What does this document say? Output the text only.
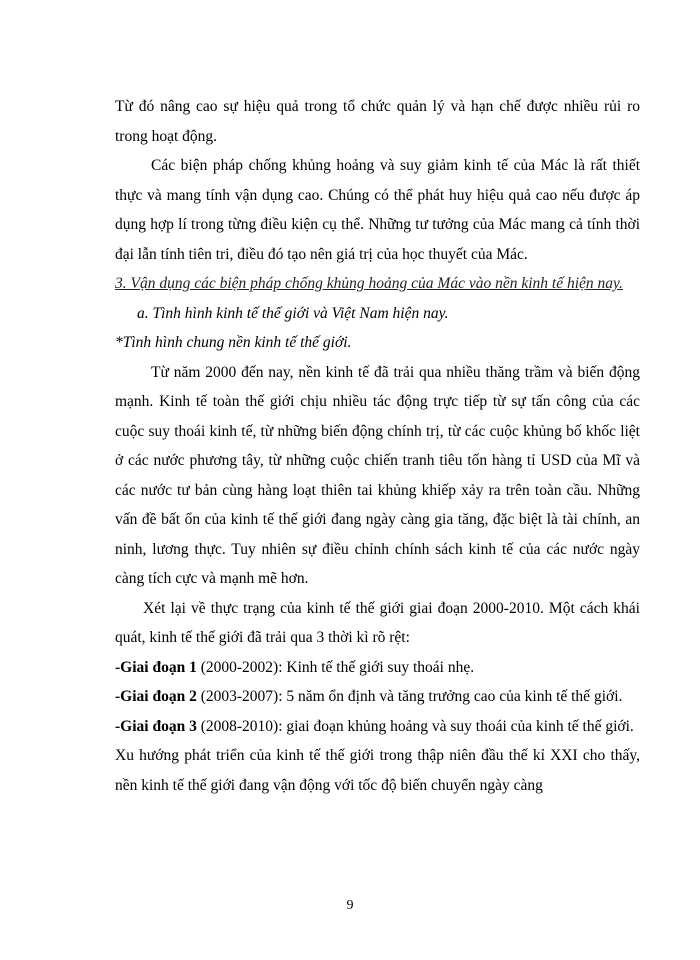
Từ đó nâng cao sự hiệu quả trong tổ chức quản lý và hạn chế được nhiều rủi ro trong hoạt động.

Các biện pháp chống khủng hoảng và suy giảm kinh tế của Mác là rất thiết thực và mang tính vận dụng cao. Chúng có thể phát huy hiệu quả cao nếu được áp dụng hợp lí trong từng điều kiện cụ thể. Những tư tưởng của Mác mang cả tính thời đại lẫn tính tiên tri, điều đó tạo nên giá trị của học thuyết của Mác.

3. Vận dụng các biện pháp chống khủng hoảng của Mác vào nền kinh tế hiện nay.

a. Tình hình kinh tế thế giới và Việt Nam hiện nay.

*Tình hình chung nền kinh tế thế giới.

Từ năm 2000 đến nay, nền kinh tế đã trải qua nhiều thăng trầm và biến động mạnh. Kinh tế toàn thế giới chịu nhiều tác động trực tiếp từ sự tấn công của các cuộc suy thoái kinh tế, từ những biến động chính trị, từ các cuộc khủng bố khốc liệt ở các nước phương tây, từ những cuộc chiến tranh tiêu tốn hàng tỉ USD của Mĩ và các nước tư bản cùng hàng loạt thiên tai khủng khiếp xảy ra trên toàn cầu. Những vấn đề bất ổn của kinh tế thế giới đang ngày càng gia tăng, đặc biệt là tài chính, an ninh, lương thực. Tuy nhiên sự điều chỉnh chính sách kinh tế của các nước ngày càng tích cực và mạnh mẽ hơn.

Xét lại về thực trạng của kinh tế thế giới giai đoạn 2000-2010. Một cách khái quát, kinh tế thế giới đã trải qua 3 thời kì rõ rệt:

-Giai đoạn 1 (2000-2002): Kinh tế thế giới suy thoái nhẹ.

-Giai đoạn 2 (2003-2007): 5 năm ổn định và tăng trưởng cao của kinh tế thế giới.

-Giai đoạn 3 (2008-2010): giai đoạn khủng hoảng và suy thoái của kinh tế thế giới.

Xu hướng phát triển của kinh tế thế giới trong thập niên đầu thế kỉ XXI cho thấy, nền kinh tế thế giới đang vận động với tốc độ biến chuyển ngày càng

9
